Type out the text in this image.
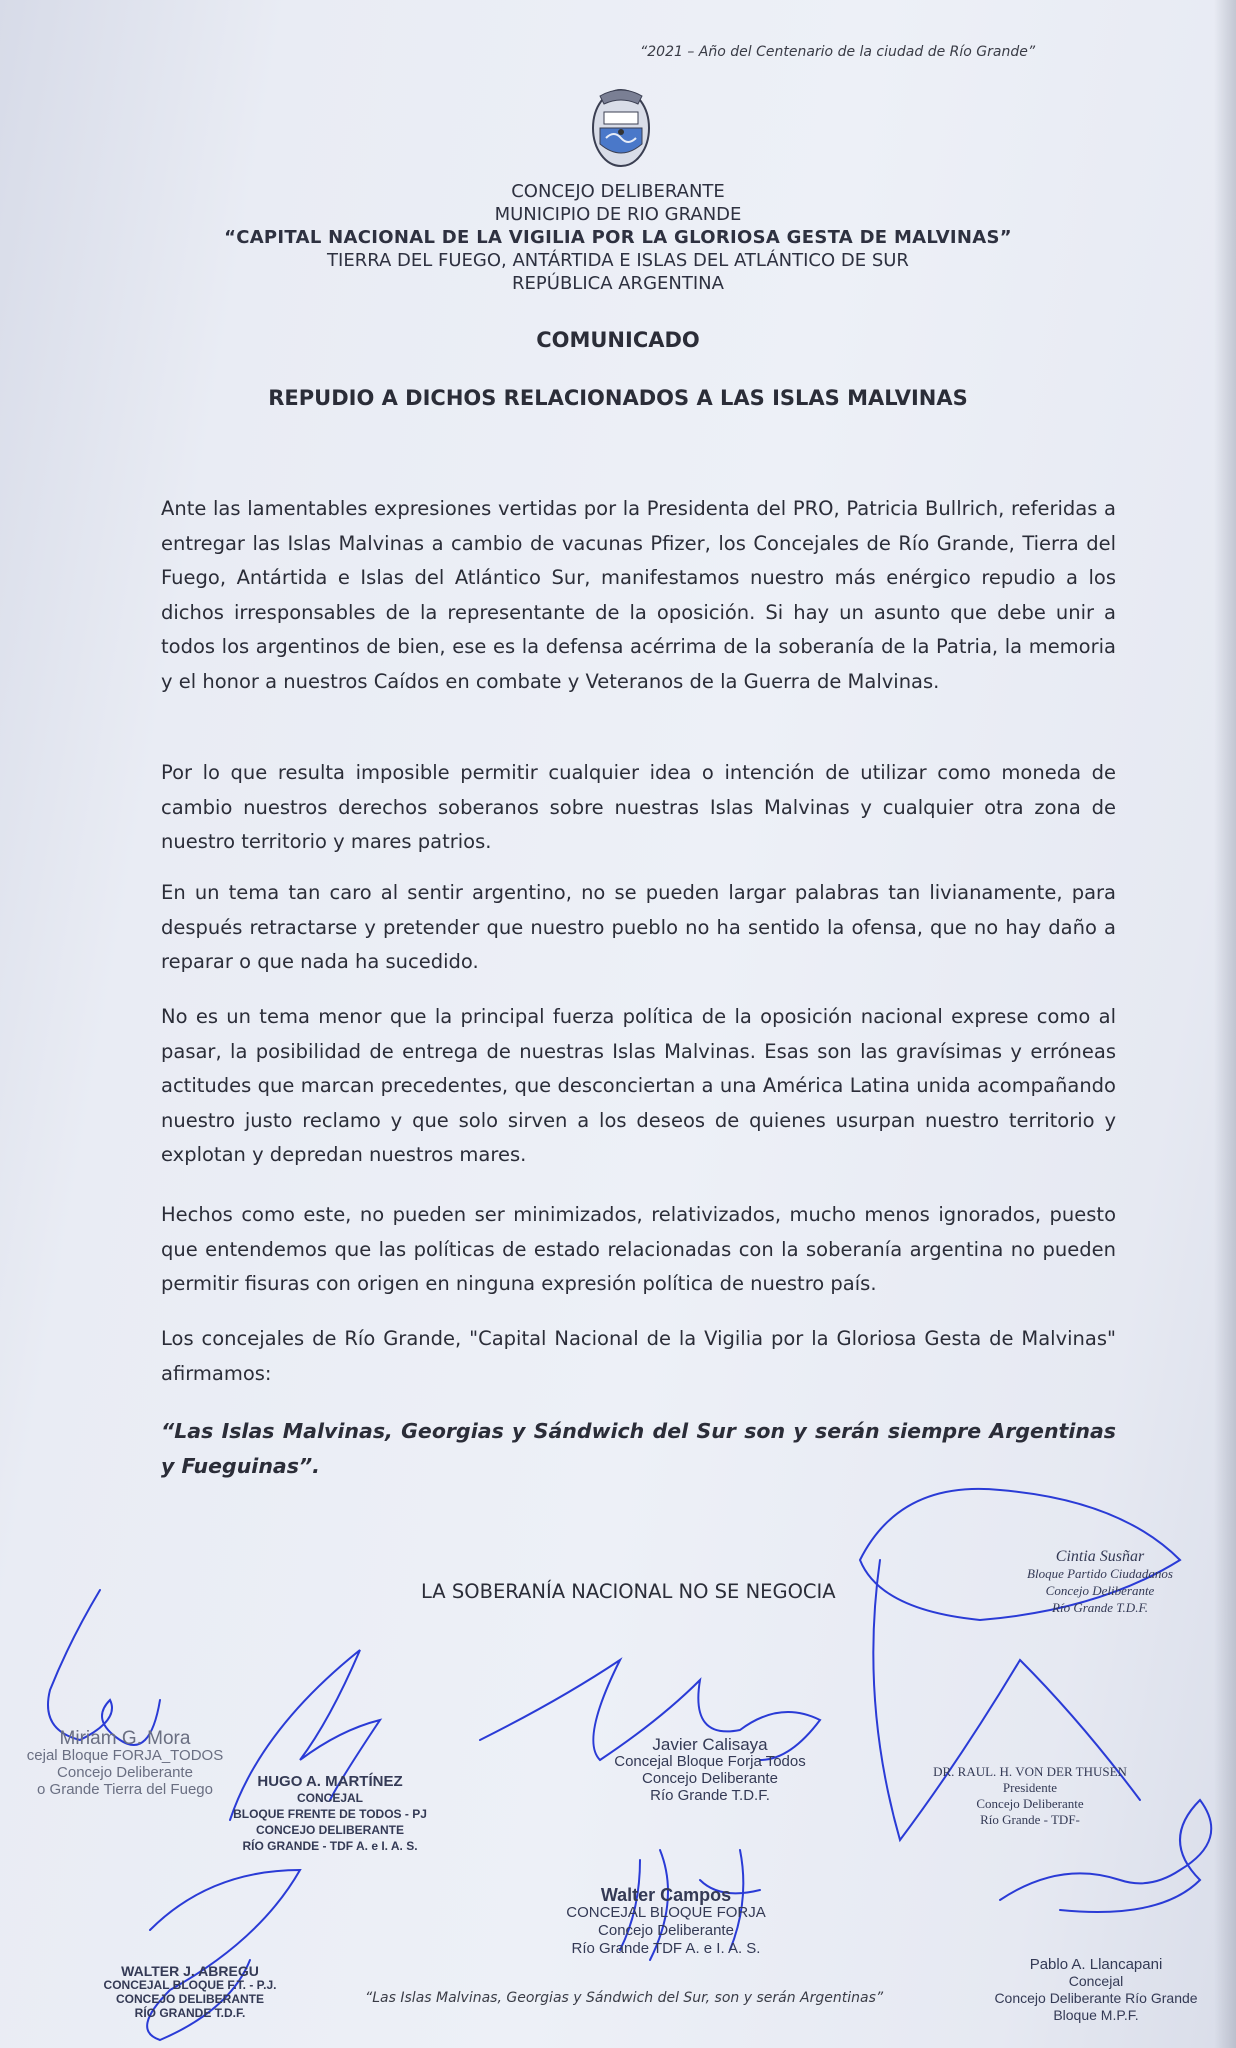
“2021 – Año del Centenario de la ciudad de Río Grande”
CONCEJO DELIBERANTE
MUNICIPIO DE RIO GRANDE
“CAPITAL NACIONAL DE LA VIGILIA POR LA GLORIOSA GESTA DE MALVINAS”
TIERRA DEL FUEGO, ANTÁRTIDA E ISLAS DEL ATLÁNTICO DE SUR
REPÚBLICA ARGENTINA
COMUNICADO
REPUDIO A DICHOS RELACIONADOS A LAS ISLAS MALVINAS
Ante las lamentables expresiones vertidas por la Presidenta del PRO, Patricia Bullrich, referidas a entregar las Islas Malvinas a cambio de vacunas Pfizer, los Concejales de Río Grande, Tierra del Fuego, Antártida e Islas del Atlántico Sur, manifestamos nuestro más enérgico repudio a los dichos irresponsables de la representante de la oposición. Si hay un asunto que debe unir a todos los argentinos de bien, ese es la defensa acérrima de la soberanía de la Patria, la memoria y el honor a nuestros Caídos en combate y Veteranos de la Guerra de Malvinas.
Por lo que resulta imposible permitir cualquier idea o intención de utilizar como moneda de cambio nuestros derechos soberanos sobre nuestras Islas Malvinas y cualquier otra zona de nuestro territorio y mares patrios.
En un tema tan caro al sentir argentino, no se pueden largar palabras tan livianamente, para después retractarse y pretender que nuestro pueblo no ha sentido la ofensa, que no hay daño a reparar o que nada ha sucedido.
No es un tema menor que la principal fuerza política de la oposición nacional exprese como al pasar, la posibilidad de entrega de nuestras Islas Malvinas. Esas son las gravísimas y erróneas actitudes que marcan precedentes, que desconciertan a una América Latina unida acompañando nuestro justo reclamo y que solo sirven a los deseos de quienes usurpan nuestro territorio y explotan y depredan nuestros mares.
Hechos como este, no pueden ser minimizados, relativizados, mucho menos ignorados, puesto que entendemos que las políticas de estado relacionadas con la soberanía argentina no pueden permitir fisuras con origen en ninguna expresión política de nuestro país.
Los concejales de Río Grande, "Capital Nacional de la Vigilia por la Gloriosa Gesta de Malvinas" afirmamos:
“Las Islas Malvinas, Georgias y Sándwich del Sur son y serán siempre Argentinas y Fueguinas”.
LA SOBERANÍA NACIONAL NO SE NEGOCIA
Miriam G. Mora
cejal Bloque FORJA_TODOS
Concejo Deliberante
o Grande Tierra del Fuego	HUGO A. MARTÍNEZ
CONCEJAL
BLOQUE FRENTE DE TODOS - PJ
CONCEJO DELIBERANTE
RÍO GRANDE - TDF A. e I. A. S.
Javier Calisaya
Concejal Bloque Forja Todos
Concejo Deliberante
Río Grande T.D.F.
DR. RAUL. H. VON DER THUSEN
Presidente
Concejo Deliberante
Río Grande - TDF-
Cintia Susñar
Bloque Partido Ciudadanos
Concejo Deliberante
Río Grande T.D.F.
Walter Campos
CONCEJAL BLOQUE FORJA
Concejo Deliberante
Río Grande TDF A. e I. A. S.
WALTER J. ABREGU
CONCEJAL BLOQUE F.T. - P.J.
CONCEJO DELIBERANTE
RÍO GRANDE T.D.F.
Pablo A. Llancapani
Concejal
Concejo Deliberante Río Grande
Bloque M.P.F.
“Las Islas Malvinas, Georgias y Sándwich del Sur, son y serán Argentinas”
